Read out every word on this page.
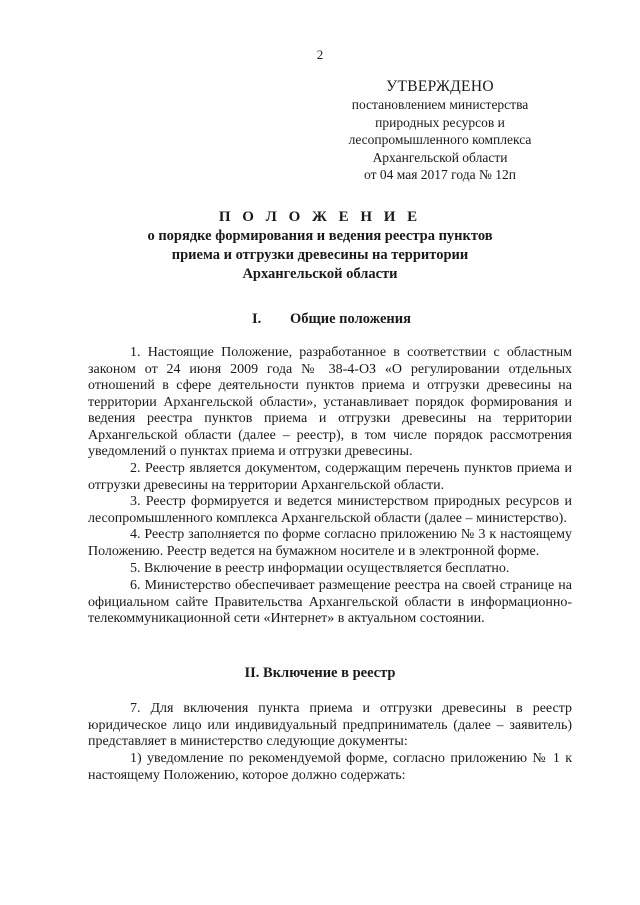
2
УТВЕРЖДЕНО
постановлением министерства
природных ресурсов и
лесопромышленного комплекса
Архангельской области
от 04 мая 2017 года № 12п
П О Л О Ж Е Н И Е
о порядке формирования и ведения реестра пунктов
приема и отгрузки древесины на территории
Архангельской области
I. Общие положения

1. Настоящие Положение, разработанное в соответствии с областным законом от 24 июня 2009 года № 38-4-ОЗ «О регулировании отдельных отношений в сфере деятельности пунктов приема и отгрузки древесины на территории Архангельской области», устанавливает порядок формирования и ведения реестра пунктов приема и отгрузки древесины на территории Архангельской области (далее – реестр), в том числе порядок рассмотрения уведомлений о пунктах приема и отгрузки древесины.

2. Реестр является документом, содержащим перечень пунктов приема и отгрузки древесины на территории Архангельской области.

3. Реестр формируется и ведется министерством природных ресурсов и лесопромышленного комплекса Архангельской области (далее – министерство).

4. Реестр заполняется по форме согласно приложению № 3 к настоящему Положению. Реестр ведется на бумажном носителе и в электронной форме.

5. Включение в реестр информации осуществляется бесплатно.

6. Министерство обеспечивает размещение реестра на своей странице на официальном сайте Правительства Архангельской области в информационно-телекоммуникационной сети «Интернет» в актуальном состоянии.

II. Включение в реестр

7. Для включения пункта приема и отгрузки древесины в реестр юридическое лицо или индивидуальный предприниматель (далее – заявитель) представляет в министерство следующие документы:

1) уведомление по рекомендуемой форме, согласно приложению № 1 к настоящему Положению, которое должно содержать:
